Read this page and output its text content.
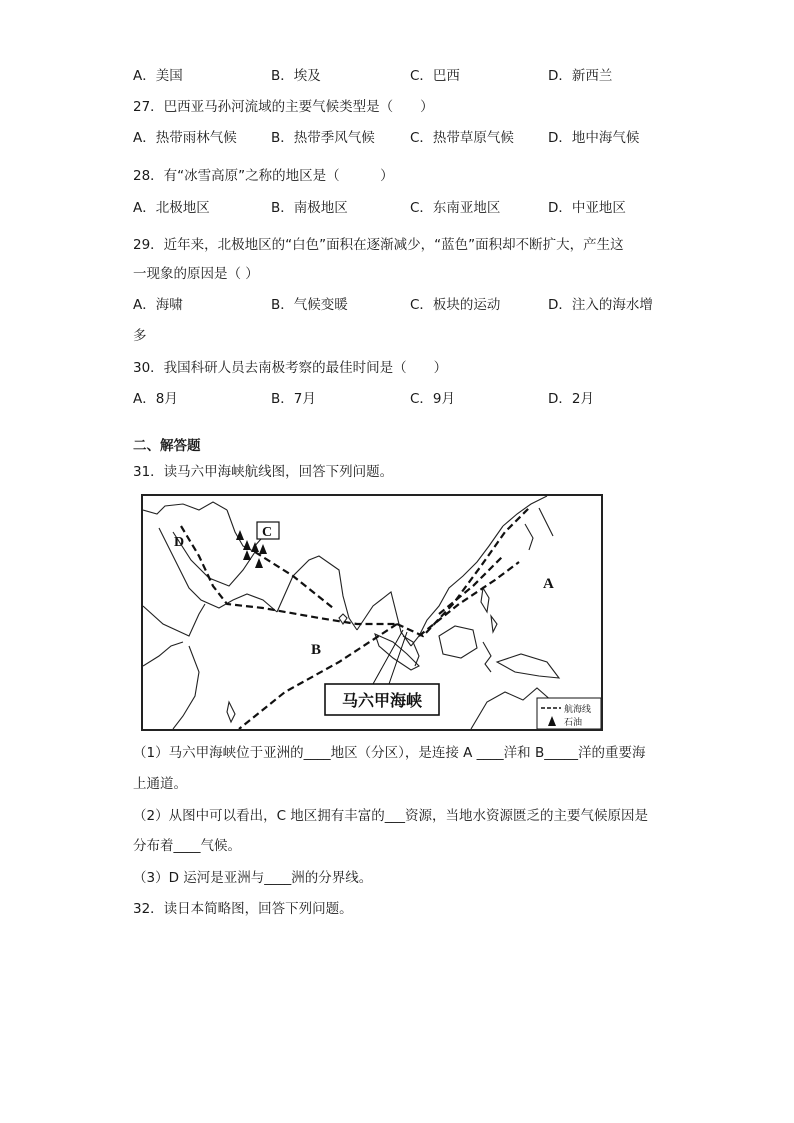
A．美国	B．埃及	C．巴西	D．新西兰
27．巴西亚马孙河流域的主要气候类型是（　　）
A．热带雨林气候	B．热带季风气候	C．热带草原气候	D．地中海气候
28．有“冰雪高原”之称的地区是（　　　）
A．北极地区	B．南极地区	C．东南亚地区	D．中亚地区
29．近年来，北极地区的“白色”面积在逐渐减少，“蓝色”面积却不断扩大，产生这
一现象的原因是（ ）
A．海啸	B．气候变暖	C．板块的运动	D．注入的海水增
多
30．我国科研人员去南极考察的最佳时间是（　　）
A．8月	B．7月	C．9月	D．2月
二、解答题
31．读马六甲海峡航线图，回答下列问题。
C
D
B
A
马六甲海峡	航海线
石油
（1）马六甲海峡位于亚洲的____地区（分区），是连接 A ____洋和 B_____洋的重要海
上通道。
（2）从图中可以看出，C 地区拥有丰富的___资源，当地水资源匮乏的主要气候原因是
分布着____气候。
（3）D 运河是亚洲与____洲的分界线。
32．读日本简略图，回答下列问题。
